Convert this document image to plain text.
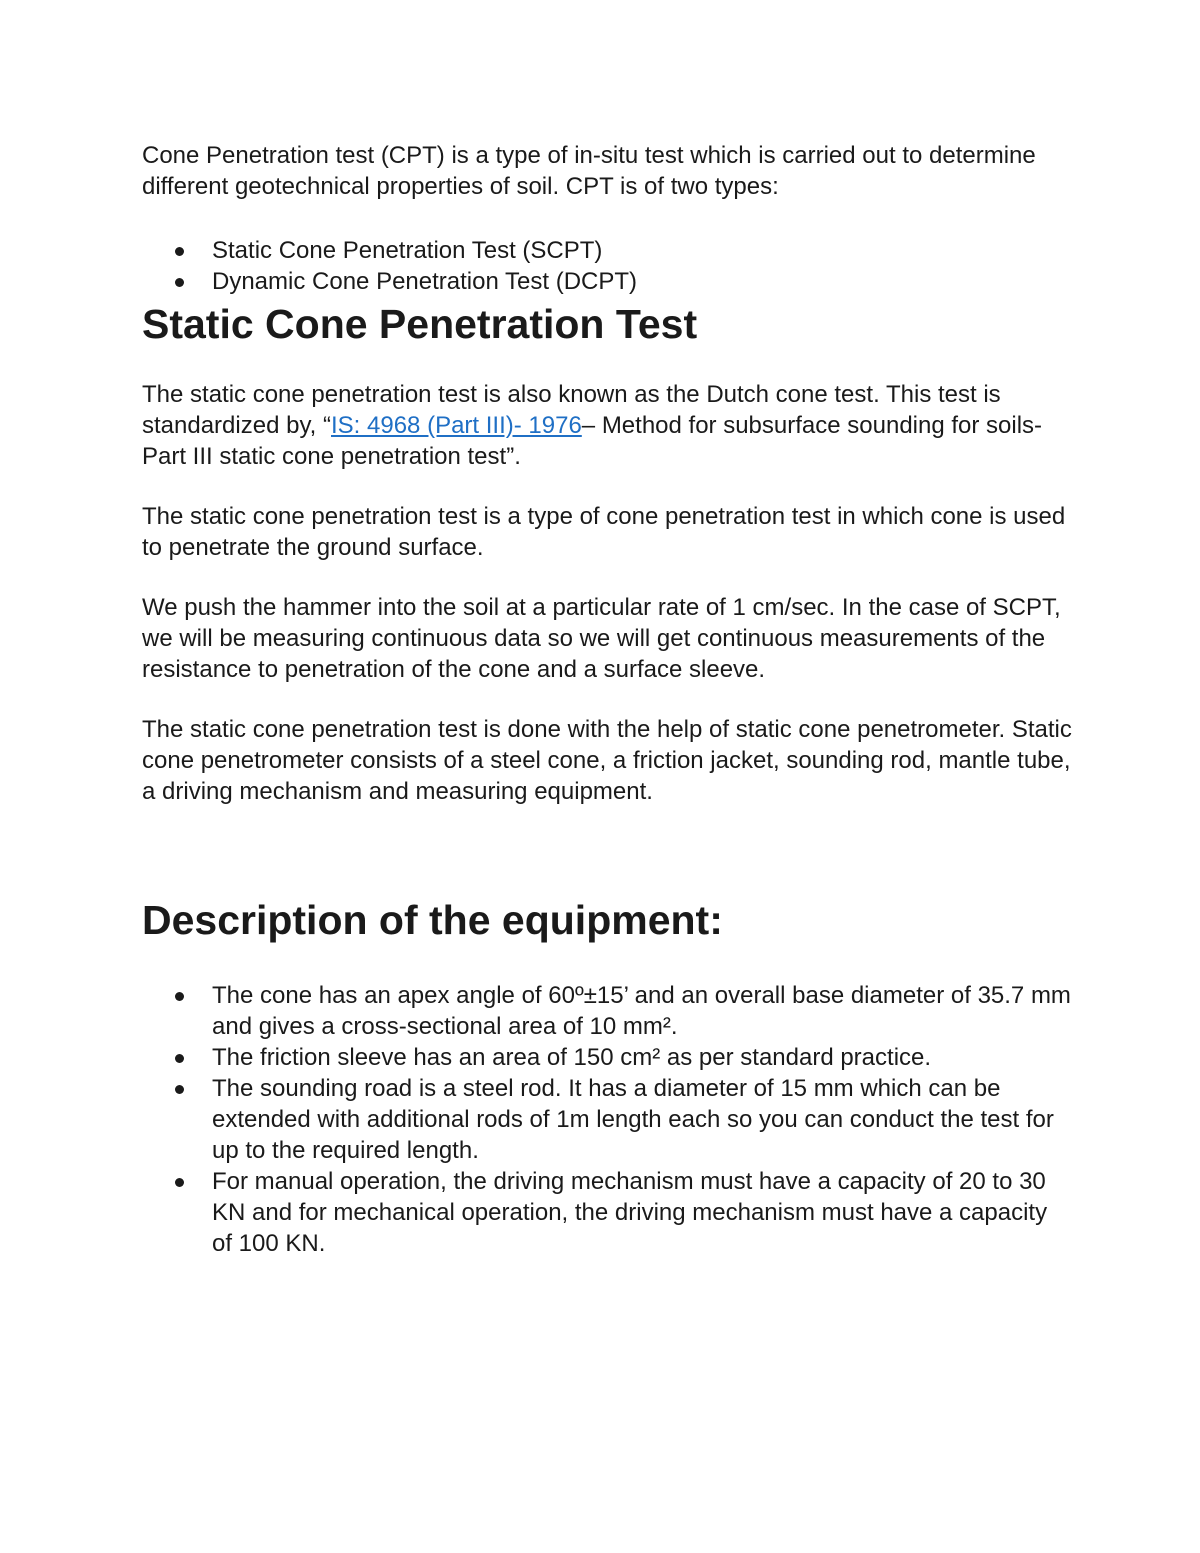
Cone Penetration test (CPT) is a type of in-situ test which is carried out to determine different geotechnical properties of soil. CPT is of two types:

Static Cone Penetration Test (SCPT)
Dynamic Cone Penetration Test (DCPT)
Static Cone Penetration Test

The static cone penetration test is also known as the Dutch cone test. This test is standardized by, “IS: 4968 (Part III)- 1976– Method for subsurface sounding for soils- Part III static cone penetration test”.

The static cone penetration test is a type of cone penetration test in which cone is used to penetrate the ground surface.

We push the hammer into the soil at a particular rate of 1 cm/sec. In the case of SCPT, we will be measuring continuous data so we will get continuous measurements of the resistance to penetration of the cone and a surface sleeve.

The static cone penetration test is done with the help of static cone penetrometer. Static cone penetrometer consists of a steel cone, a friction jacket, sounding rod, mantle tube, a driving mechanism and measuring equipment.

Description of the equipment:
The cone has an apex angle of 60º±15’ and an overall base diameter of 35.7 mm and gives a cross-sectional area of 10 mm².
The friction sleeve has an area of 150 cm² as per standard practice.
The sounding road is a steel rod. It has a diameter of 15 mm which can be extended with additional rods of 1m length each so you can conduct the test for up to the required length.
For manual operation, the driving mechanism must have a capacity of 20 to 30 KN and for mechanical operation, the driving mechanism must have a capacity of 100 KN.
